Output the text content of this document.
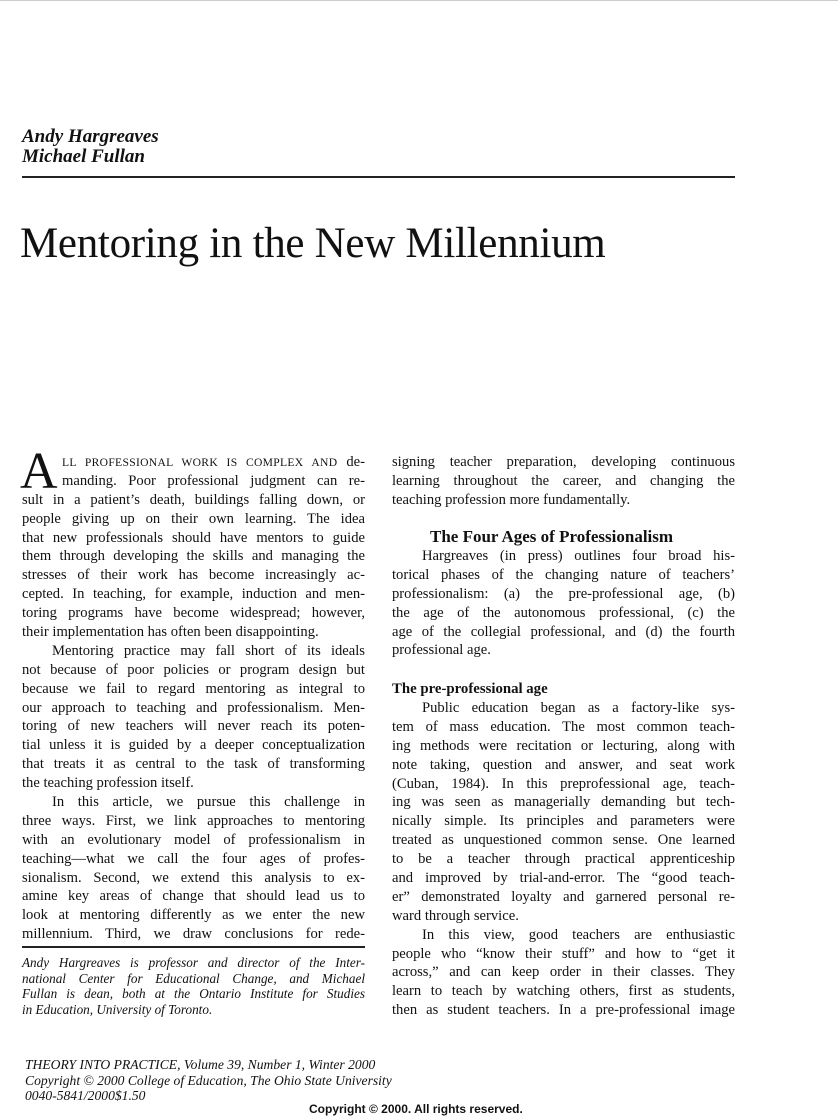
Andy Hargreaves
Michael Fullan
Mentoring in the New Millennium
A LL PROFESSIONAL WORK IS COMPLEX AND de-
manding. Poor professional judgment can re-
sult in a patient’s death, buildings falling down, or
people giving up on their own learning. The idea
that new professionals should have mentors to guide
them through developing the skills and managing the
stresses of their work has become increasingly ac-
cepted. In teaching, for example, induction and men-
toring programs have become widespread; however,
their implementation has often been disappointing.
Mentoring practice may fall short of its ideals
not because of poor policies or program design but
because we fail to regard mentoring as integral to
our approach to teaching and professionalism. Men-
toring of new teachers will never reach its poten-
tial unless it is guided by a deeper conceptualization
that treats it as central to the task of transforming
the teaching profession itself.
In this article, we pursue this challenge in
three ways. First, we link approaches to mentoring
with an evolutionary model of professionalism in
teaching—what we call the four ages of profes-
sionalism. Second, we extend this analysis to ex-
amine key areas of change that should lead us to
look at mentoring differently as we enter the new
millennium. Third, we draw conclusions for rede-
Andy Hargreaves is professor and director of the Inter-
national Center for Educational Change, and Michael
Fullan is dean, both at the Ontario Institute for Studies
in Education, University of Toronto.
signing teacher preparation, developing continuous
learning throughout the career, and changing the
teaching profession more fundamentally.
The Four Ages of Professionalism
Hargreaves (in press) outlines four broad his-
torical phases of the changing nature of teachers’
professionalism: (a) the pre-professional age, (b)
the age of the autonomous professional, (c) the
age of the collegial professional, and (d) the fourth
professional age.
The pre-professional age
Public education began as a factory-like sys-
tem of mass education. The most common teach-
ing methods were recitation or lecturing, along with
note taking, question and answer, and seat work
(Cuban, 1984). In this preprofessional age, teach-
ing was seen as managerially demanding but tech-
nically simple. Its principles and parameters were
treated as unquestioned common sense. One learned
to be a teacher through practical apprenticeship
and improved by trial-and-error. The “good teach-
er” demonstrated loyalty and garnered personal re-
ward through service.
In this view, good teachers are enthusiastic
people who “know their stuff” and how to “get it
across,” and can keep order in their classes. They
learn to teach by watching others, first as students,
then as student teachers. In a pre-professional image
THEORY INTO PRACTICE, Volume 39, Number 1, Winter 2000
Copyright © 2000 College of Education, The Ohio State University
0040-5841/2000$1.50
Copyright © 2000. All rights reserved.
